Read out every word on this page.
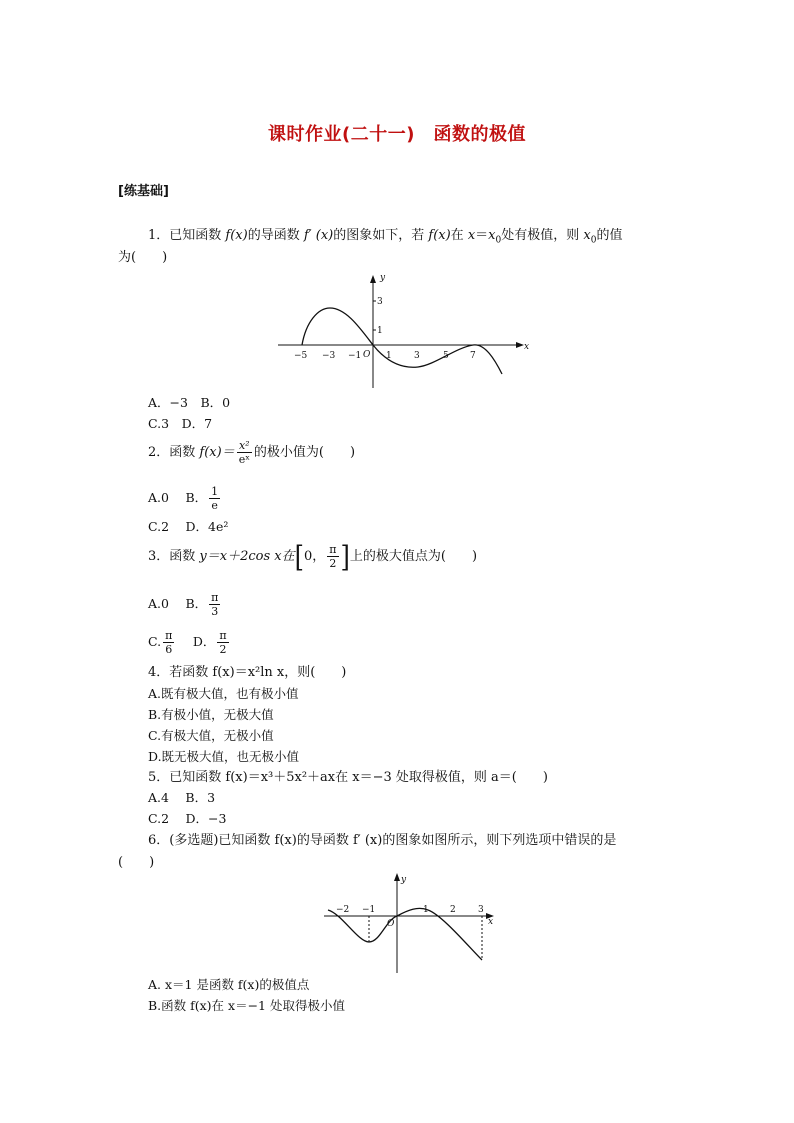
课时作业(二十一)　函数的极值
[练基础]
1．已知函数 f(x)的导函数 f′ (x)的图象如下，若 f(x)在 $x=x_0$处有极值，则 $x_0$的值
为(　　)
y
x
3
1
−5 −3 −1 O 1 3	5 7
A．−3　 B．0
C.3　 D．7
2．函数 $f(x)= \frac{\text{x²}}{\text{eˣ}}$ 的极小值为(　　)
A.0　 B． $\frac{1}{e}$
C.2　 D．4e²
3．函数 y＝x＋2cos x在[0， $\frac{\pi}{2}$ ]上的极大值点为(　　)
A.0　 B． $\frac{\pi}{3}$
C. $\frac{\pi}{6}$
　 D． $\frac{\pi}{2}$
4．若函数 f(x)＝x²ln x，则(　　)
A.既有极大值，也有极小值
B.有极小值，无极大值
C.有极大值，无极小值
D.既无极大值，也无极小值
5．已知函数 f(x)＝x³＋5x²＋ax在 x＝−3 处取得极值，则 a＝(　　)
A.4　 B．3
C.2　 D．−3
6．(多选题)已知函数 f(x)的导函数 f′ (x)的图象如图所示，则下列选项中错误的是
(　　)
y
x
−2 −1
O
1 2 3
A. x＝1 是函数 f(x)的极值点
B.函数 f(x)在 x＝−1 处取得极小值
